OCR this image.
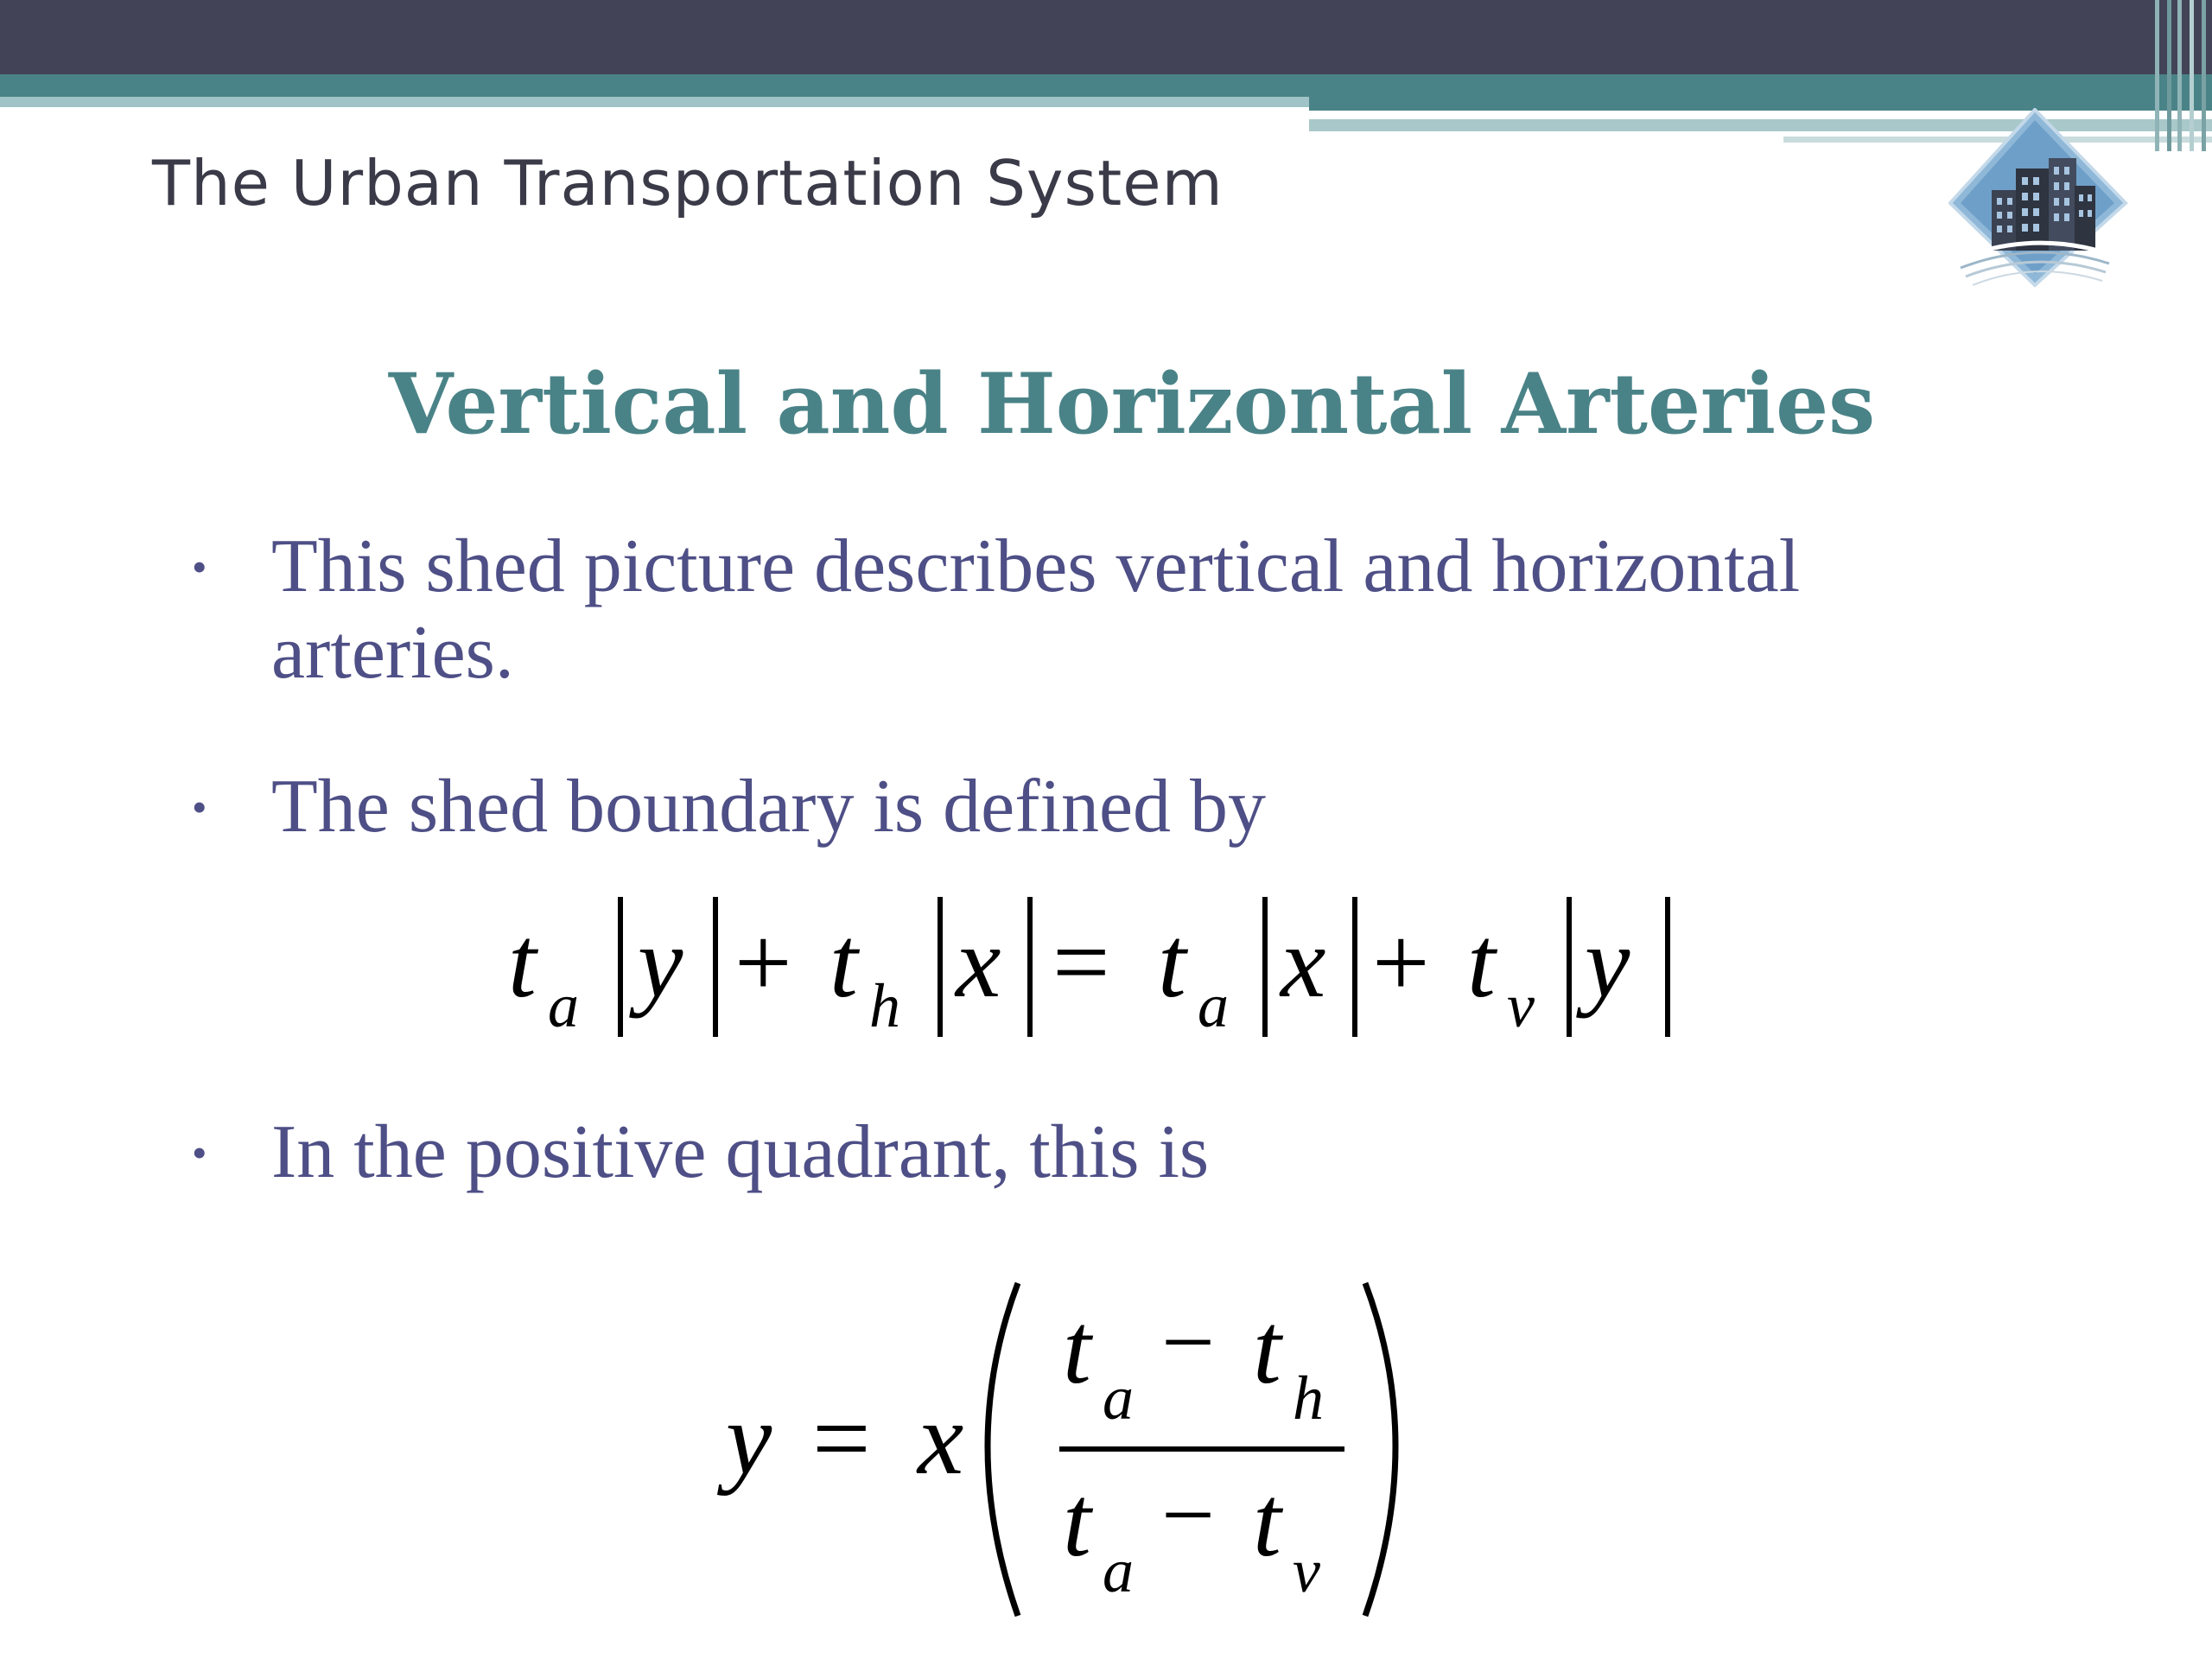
The Urban Transportation System
Vertical and Horizontal Arteries
• This shed picture describes vertical and horizontal arteries.
• The shed boundary is defined by
t a y + t h x = t a x + t v y
• In the positive quadrant, this is
y = x
t a
− t h
t a
− t v
